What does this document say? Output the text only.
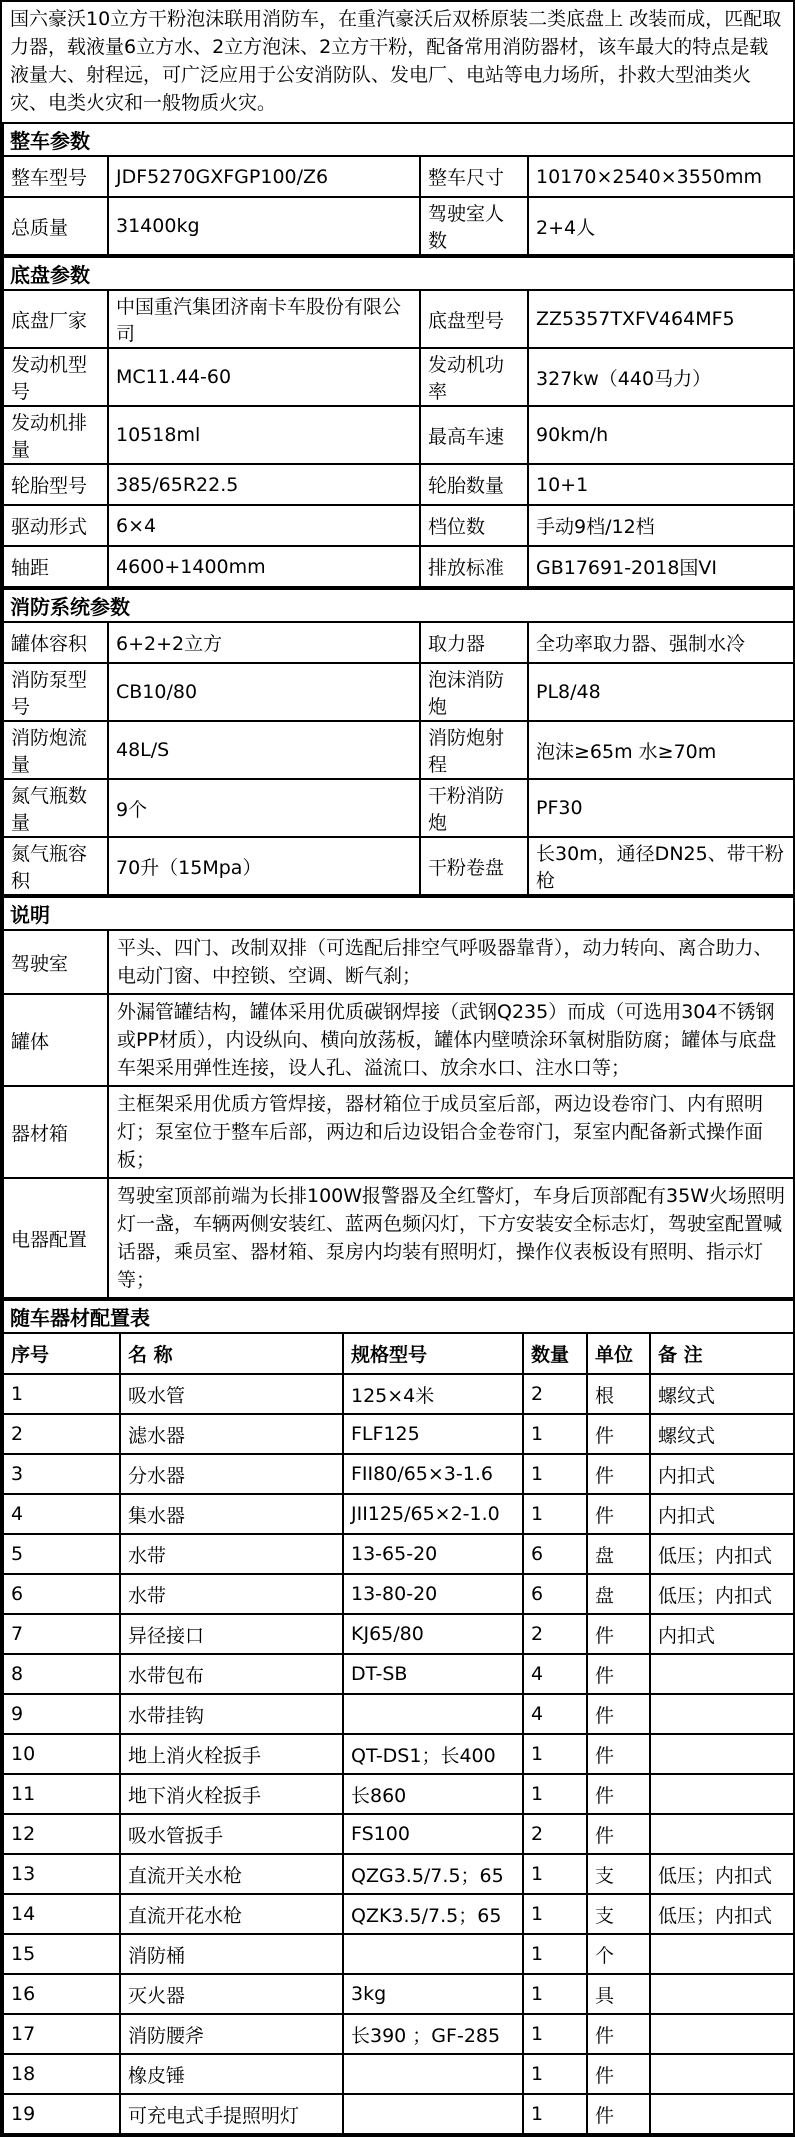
国六豪沃10立方干粉泡沫联用消防车，在重汽豪沃后双桥原装二类底盘上 改装而成，匹配取力器，载液量6立方水、2立方泡沫、2立方干粉，配备常用消防器材，该车最大的特点是载液量大、射程远，可广泛应用于公安消防队、发电厂、电站等电力场所，扑救大型油类火灾、电类火灾和一般物质火灾。
整车参数			
整车型号	JDF5270GXFGP100/Z6	整车尺寸	10170×2540×3550mm
总质量	31400kg	驾驶室人数	2+4人
底盘参数			
底盘厂家	中国重汽集团济南卡车股份有限公司	底盘型号	ZZ5357TXFV464MF5
发动机型号	MC11.44-60	发动机功率	327kw（440马力）
发动机排量	10518ml	最高车速	90km/h
轮胎型号	385/65R22.5	轮胎数量	10+1
驱动形式	6×4	档位数	手动9档/12档
轴距	4600+1400mm	排放标准	GB17691-2018国VI
消防系统参数			
罐体容积	6+2+2立方	取力器	全功率取力器、强制水冷
消防泵型号	CB10/80	泡沫消防炮	PL8/48
消防炮流量	48L/S	消防炮射程	泡沫≥65m 水≥70m
氮气瓶数量	9个	干粉消防炮	PF30
氮气瓶容积	70升（15Mpa）	干粉卷盘	长30m，通径DN25、带干粉枪
说明	
驾驶室	平头、四门、改制双排（可选配后排空气呼吸器靠背），动力转向、离合助力、电动门窗、中控锁、空调、断气刹；
罐体	外漏管罐结构，罐体采用优质碳钢焊接（武钢Q235）而成（可选用304不锈钢或PP材质），内设纵向、横向放荡板，罐体内壁喷涂环氧树脂防腐；罐体与底盘车架采用弹性连接，设人孔、溢流口、放余水口、注水口等；
器材箱	主框架采用优质方管焊接，器材箱位于成员室后部，两边设卷帘门、内有照明灯；泵室位于整车后部，两边和后边设铝合金卷帘门，泵室内配备新式操作面板；
电器配置	驾驶室顶部前端为长排100W报警器及全红警灯，车身后顶部配有35W火场照明灯一盏，车辆两侧安装红、蓝两色频闪灯，下方安装安全标志灯，驾驶室配置喊话器，乘员室、器材箱、泵房内均装有照明灯，操作仪表板设有照明、指示灯等；
随车器材配置表					
序号	名 称	规格型号	数量	单位	备 注
1	吸水管	125×4米	2	根	螺纹式
2	滤水器	FLF125	1	件	螺纹式
3	分水器	FII80/65×3-1.6	1	件	内扣式
4	集水器	JII125/65×2-1.0	1	件	内扣式
5	水带	13-65-20	6	盘	低压；内扣式
6	水带	13-80-20	6	盘	低压；内扣式
7	异径接口	KJ65/80	2	件	内扣式
8	水带包布	DT-SB	4	件	
9	水带挂钩		4	件	
10	地上消火栓扳手	QT-DS1；长400	1	件	
11	地下消火栓扳手	长860	1	件	
12	吸水管扳手	FS100	2	件	
13	直流开关水枪	QZG3.5/7.5；65	1	支	低压；内扣式
14	直流开花水枪	QZK3.5/7.5；65	1	支	低压；内扣式
15	消防桶		1	个	
16	灭火器	3kg	1	具	
17	消防腰斧	长390 ；GF-285	1	件	
18	橡皮锤		1	件	
19	可充电式手提照明灯		1	件	
